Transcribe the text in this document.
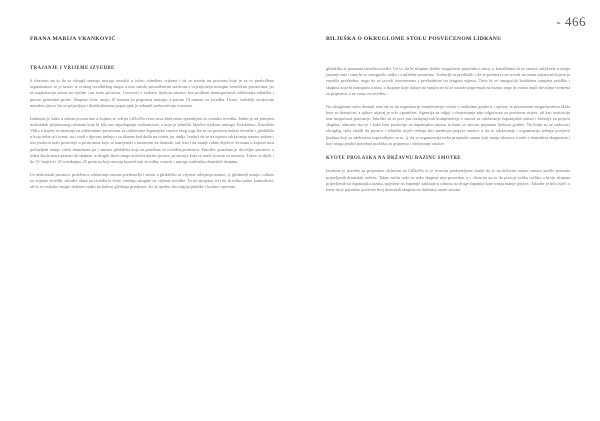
- 466
FRANA MARIJA VRANKOVIĆ
TRAJANJE I VRIJEME IZVEDBE

S obzirom na to da se okrugli nastupi moraju izvoditi u točno određeno vrijeme i da se izvode na prostoru koje je za to predviđeno organizatoru, te je sastav iz svakog izvođačkog skupa u tom smislu prosudbenim stavkom o ocjenjivanju mnogim sceničkim prostorima, jer se organizacija unosa na cijelim i na sceni prostoru. Govoreći o vodstvu tijekom nastave kao problem nemogućnosti održavanja tehničke i potom generalne probe. Skupine često imaju 10 minuta za pripremu nastupa, a potom 10 minuta za izvedbu. Uzeto, vodstelji izražavaju nezadovoljstvo što se prijavljuju i dislokalizirana poput ipak jo sekundi prekoračenja vremena.

Istaknuto je kako u nekim prostorima u kojima se odvija LiDraNu često nisu adekvatno opremljeni za scensku izvedbu. Jedan je od primjera nedostatak prijenosnog računala koje bi bilo na raspolaganju sudionicima, a koje je tehnički ključno tijekom nastupa. Konkretno, Kazalište Vidra u kojem se smatraju ne adekvatnim prostorom za održavanje županijske smotre zbog toga što se na prostoru nalaze dvorište i gledalište u koja treba ući scena, no i mali s djecom trebaju i sa ribama kad dođu na scenu, jer ondje, budući da se na mjestu održavanja smotre nalaze i tim jezikom mali prostorije u prostorima koje se namjenski s nastavom za dramski rad, kao i na manje rubne dijelove dvorane u kojima nisu podijeljeni manje važni dramskom pa i smisao gledališta koja su potrebna za izvedbu predstava. Također, potrebno je dovoljno prostora, a jedna škola mora pristati da skupine iz drugih škola mogu koristiti njezin prostor, prostorija koja se inače koriste za nastavu. Takav se dijeli i do 25 čunjeva i 25 sveukupno 25 prostora koji moraju kontrolirati izvedbu, a unosi i mnogo sudionika dramskih skupina.

Uz nedostatak prostora, problem u održavanju smotre predstavlja i nemir u gledalištu za vrijeme odvijanja smotre, tj. gledatelji ustaju i odlaze za vrijeme izvedbi, također ulaze na izvedbi te često ometaju skupine za vrijeme izvedbe. To ne smijemo reći da ih treba stalno kontrolirati, ali bi se svakako moglo dodatno raditi na kulturi gledanja predstava, što je ujedno dio odgoja publike i kulture općenito.

BILJEŠKA O OKRUGLOME STOLU POSVEĆENOM LIDRANU

gledalištu ti pauzama između izvedbi. Uz to, da bi skupine dobile mogućnost pripreme u miru, u kazalištima bi se smotre održavale u ranije jutarnje sate i time bi se omogućilo raditi i s mlađim uzrastima. Vodstelji su predložili i da se predstava ne izvodi na istom mjestu na kojem je završila prethodna, nego da se izvodi istovremeno s prethodnom na drugom mjestu. Time bi se omogućila kvalitetna zamjena publike i skupina koja bi nastupala u nizu, a skupine koje dolaze na smotru ne bi se morale pripremati na brzinu nego bi svima imali dovoljno vremena za pripremu, a ne samo za izvedbu.

Na okruglome stolu doznali smo da su na organizaciji manifestacije ovisni o zadacima gradova i općina, te prostornim mogućnostima škola koje su domaćini, a njihov utjecaj je vrlo ograničen. Agencija za odgoj i obrazovanje nije odgovorna za prostorne uvjete, ali kao institucija ima mogućnost poticanja. Također su se prvi put razmjenjivali kompetencije o smotri za održavanje županijskih smotri i kriterija za prijavu skupina, odnosno tko je i kako bira prostorije za županijsku smotru te kako se smotra priprema tijekom godine. Na kraju su se sudionici okruglog stola složili da prostor i tehnički uvjeti trebaju biti preduvjet prijave smotre, a da se održavanje i organizacija trebaju povjeriti ljudima koji su adekvatno osposobljeni za to, tj. da se organizacija treba prepustiti onima koji imaju iskustva u radu s dramskim skupinama i koji mogu pružiti potrebnu podršku za pripremu i održavanje smotre.

KVOTE PROLASKA NA DRŽAVNU RAZINU SMOTRE

Izražena je potreba za prijavnim ciklusom za LiDraNu te je kvotom predstavljeno stanje da je na državnu razinu smotre prošlo premalo prijavljenih dramskih radova. Takav način rada za neke skupine nije pravedan, a s obzirom na to da postoji velika razlika u broju skupina prijavljenih na županijsku razinu, pojedine su županije zakinute u odnosu na druge županije koje imaju manje prijava. Također je bilo riječi o tome da je potrebno povećati broj dramskih skupina na državnoj razini smotre.
